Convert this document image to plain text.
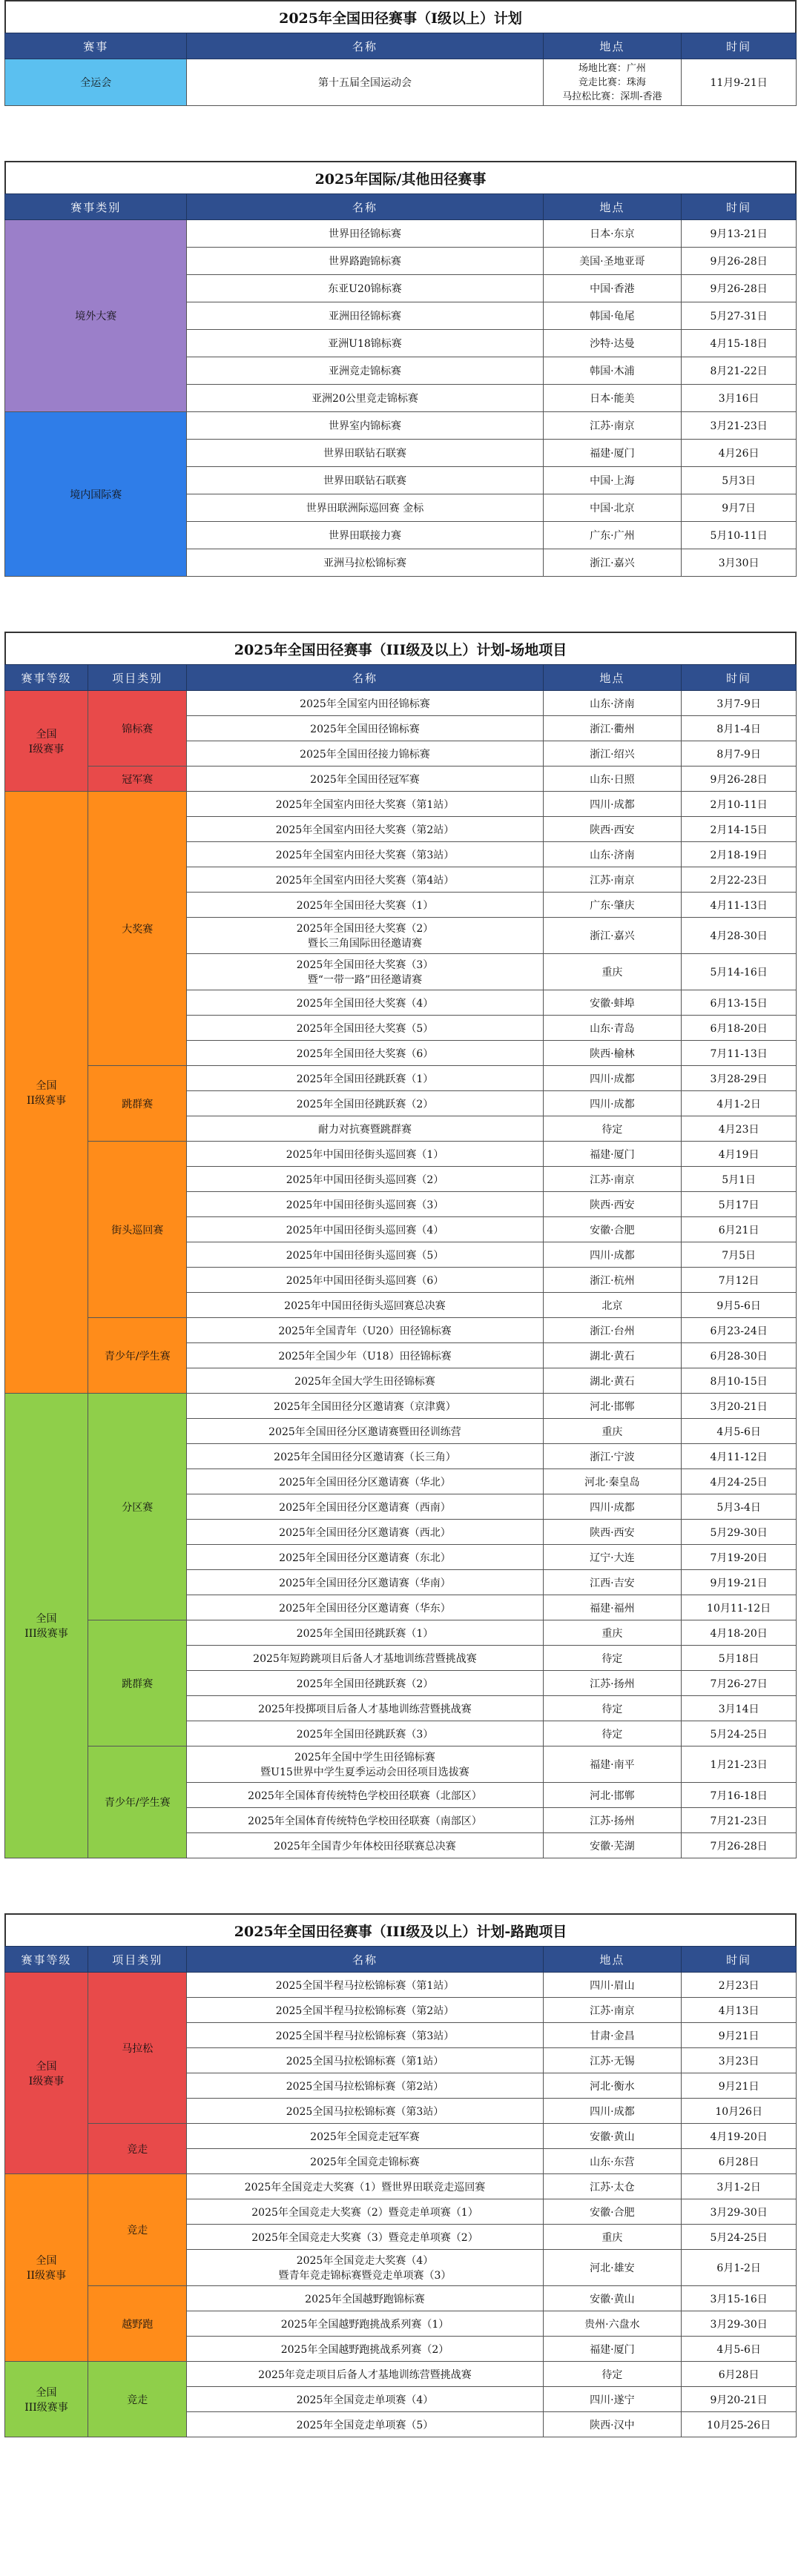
2025年全国田径赛事（I级以上）计划
赛事	名称	地点	时间
全运会	第十五届全国运动会	场地比赛：广州
竞走比赛：珠海
马拉松比赛：深圳-香港	11月9-21日
2025年国际/其他田径赛事
赛事类别	名称	地点	时间
境外大赛	世界田径锦标赛	日本·东京	9月13-21日
	世界路跑锦标赛	美国·圣地亚哥	9月26-28日
	东亚U20锦标赛	中国·香港	9月26-28日
	亚洲田径锦标赛	韩国·龟尾	5月27-31日
	亚洲U18锦标赛	沙特·达曼	4月15-18日
	亚洲竞走锦标赛	韩国·木浦	8月21-22日
	亚洲20公里竞走锦标赛	日本·能美	3月16日
境内国际赛	世界室内锦标赛	江苏·南京	3月21-23日
	世界田联钻石联赛	福建·厦门	4月26日
	世界田联钻石联赛	中国·上海	5月3日
	世界田联洲际巡回赛 金标	中国·北京	9月7日
	世界田联接力赛	广东·广州	5月10-11日
	亚洲马拉松锦标赛	浙江·嘉兴	3月30日
2025年全国田径赛事（III级及以上）计划-场地项目
赛事等级	项目类别	名称	地点	时间
全国
I级赛事	锦标赛	2025年全国室内田径锦标赛	山东·济南	3月7-9日
		2025年全国田径锦标赛	浙江·衢州	8月1-4日
		2025年全国田径接力锦标赛	浙江·绍兴	8月7-9日
	冠军赛	2025年全国田径冠军赛	山东·日照	9月26-28日
全国
II级赛事	大奖赛	2025年全国室内田径大奖赛（第1站）	四川·成都	2月10-11日
		2025年全国室内田径大奖赛（第2站）	陕西·西安	2月14-15日
		2025年全国室内田径大奖赛（第3站）	山东·济南	2月18-19日
		2025年全国室内田径大奖赛（第4站）	江苏·南京	2月22-23日
		2025年全国田径大奖赛（1）	广东·肇庆	4月11-13日
		2025年全国田径大奖赛（2）
暨长三角国际田径邀请赛	浙江·嘉兴	4月28-30日
		2025年全国田径大奖赛（3）
暨“一带一路”田径邀请赛	重庆	5月14-16日
		2025年全国田径大奖赛（4）	安徽·蚌埠	6月13-15日
		2025年全国田径大奖赛（5）	山东·青岛	6月18-20日
		2025年全国田径大奖赛（6）	陕西·榆林	7月11-13日
	跳群赛	2025年全国田径跳跃赛（1）	四川·成都	3月28-29日
		2025年全国田径跳跃赛（2）	四川·成都	4月1-2日
		耐力对抗赛暨跳群赛	待定	4月23日
	街头巡回赛	2025年中国田径街头巡回赛（1）	福建·厦门	4月19日
		2025年中国田径街头巡回赛（2）	江苏·南京	5月1日
		2025年中国田径街头巡回赛（3）	陕西·西安	5月17日
		2025年中国田径街头巡回赛（4）	安徽·合肥	6月21日
		2025年中国田径街头巡回赛（5）	四川·成都	7月5日
		2025年中国田径街头巡回赛（6）	浙江·杭州	7月12日
		2025年中国田径街头巡回赛总决赛	北京	9月5-6日
	青少年/学生赛	2025年全国青年（U20）田径锦标赛	浙江·台州	6月23-24日
		2025年全国少年（U18）田径锦标赛	湖北·黄石	6月28-30日
		2025年全国大学生田径锦标赛	湖北·黄石	8月10-15日
全国
III级赛事	分区赛	2025年全国田径分区邀请赛（京津冀）	河北·邯郸	3月20-21日
		2025年全国田径分区邀请赛暨田径训练营	重庆	4月5-6日
		2025年全国田径分区邀请赛（长三角）	浙江·宁波	4月11-12日
		2025年全国田径分区邀请赛（华北）	河北·秦皇岛	4月24-25日
		2025年全国田径分区邀请赛（西南）	四川·成都	5月3-4日
		2025年全国田径分区邀请赛（西北）	陕西·西安	5月29-30日
		2025年全国田径分区邀请赛（东北）	辽宁·大连	7月19-20日
		2025年全国田径分区邀请赛（华南）	江西·吉安	9月19-21日
		2025年全国田径分区邀请赛（华东）	福建·福州	10月11-12日
	跳群赛	2025年全国田径跳跃赛（1）	重庆	4月18-20日
		2025年短跨跳项目后备人才基地训练营暨挑战赛	待定	5月18日
		2025年全国田径跳跃赛（2）	江苏·扬州	7月26-27日
		2025年投掷项目后备人才基地训练营暨挑战赛	待定	3月14日
		2025年全国田径跳跃赛（3）	待定	5月24-25日
	青少年/学生赛	2025年全国中学生田径锦标赛
暨U15世界中学生夏季运动会田径项目选拔赛	福建·南平	1月21-23日
		2025年全国体育传统特色学校田径联赛（北部区）	河北·邯郸	7月16-18日
		2025年全国体育传统特色学校田径联赛（南部区）	江苏·扬州	7月21-23日
		2025年全国青少年体校田径联赛总决赛	安徽·芜湖	7月26-28日
2025年全国田径赛事（III级及以上）计划-路跑项目
赛事等级	项目类别	名称	地点	时间
全国
I级赛事	马拉松	2025全国半程马拉松锦标赛（第1站）	四川·眉山	2月23日
		2025全国半程马拉松锦标赛（第2站）	江苏·南京	4月13日
		2025全国半程马拉松锦标赛（第3站）	甘肃·金昌	9月21日
		2025全国马拉松锦标赛（第1站）	江苏·无锡	3月23日
		2025全国马拉松锦标赛（第2站）	河北·衡水	9月21日
		2025全国马拉松锦标赛（第3站）	四川·成都	10月26日
	竞走	2025年全国竞走冠军赛	安徽·黄山	4月19-20日
		2025年全国竞走锦标赛	山东·东营	6月28日
全国
II级赛事	竞走	2025年全国竞走大奖赛（1）暨世界田联竞走巡回赛	江苏·太仓	3月1-2日
		2025年全国竞走大奖赛（2）暨竞走单项赛（1）	安徽·合肥	3月29-30日
		2025年全国竞走大奖赛（3）暨竞走单项赛（2）	重庆	5月24-25日
		2025年全国竞走大奖赛（4）
暨青年竞走锦标赛暨竞走单项赛（3）	河北·雄安	6月1-2日
	越野跑	2025年全国越野跑锦标赛	安徽·黄山	3月15-16日
		2025年全国越野跑挑战系列赛（1）	贵州·六盘水	3月29-30日
		2025年全国越野跑挑战系列赛（2）	福建·厦门	4月5-6日
全国
III级赛事	竞走	2025年竞走项目后备人才基地训练营暨挑战赛	待定	6月28日
		2025年全国竞走单项赛（4）	四川·遂宁	9月20-21日
		2025年全国竞走单项赛（5）	陕西·汉中	10月25-26日
